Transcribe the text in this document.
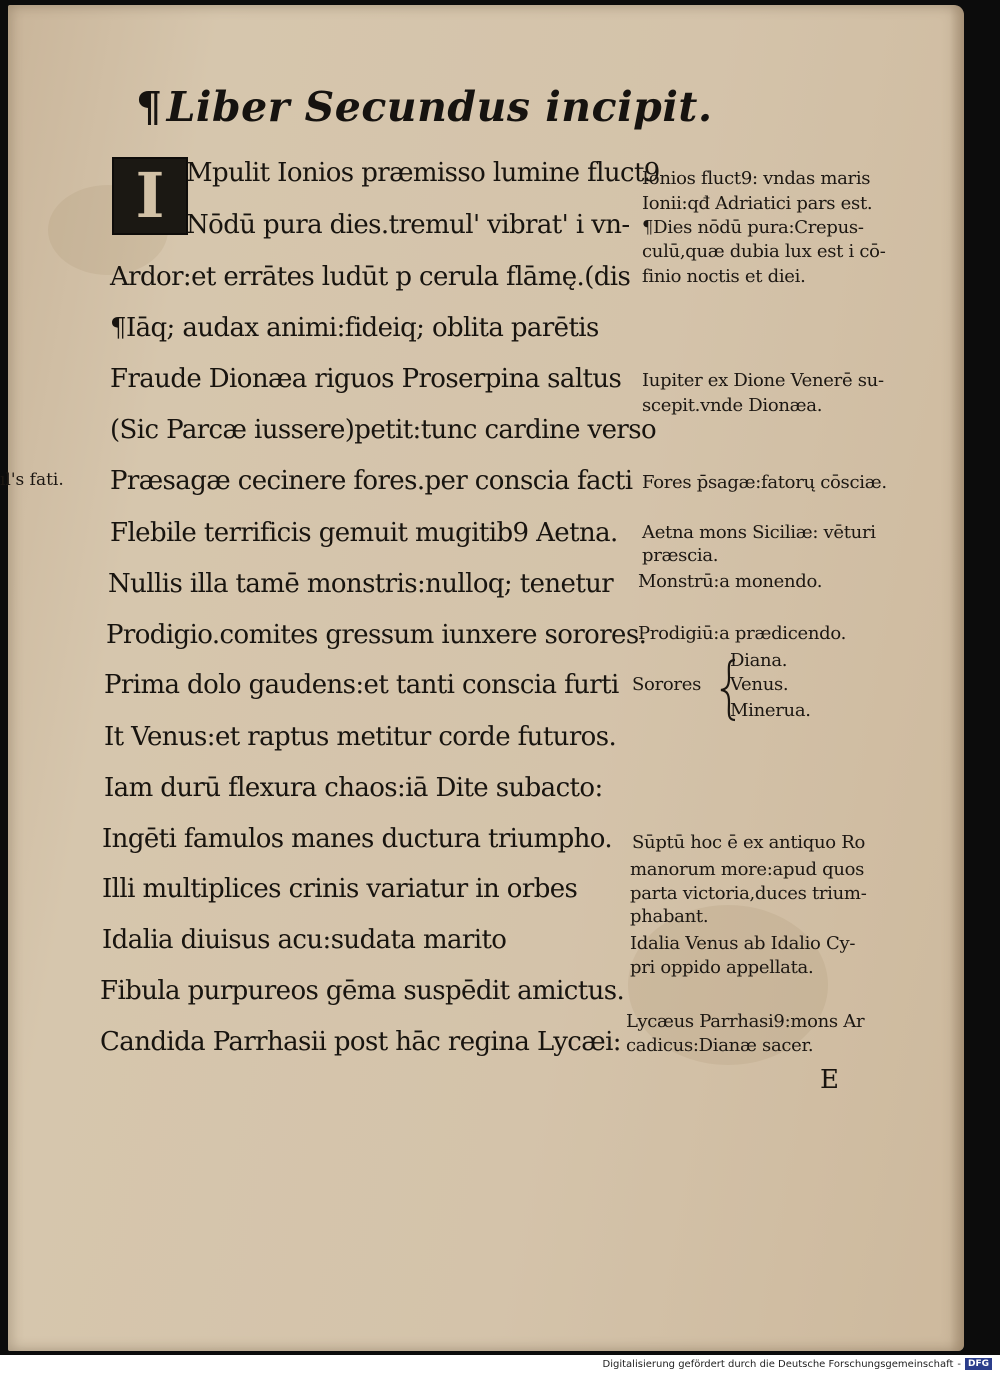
¶Liber Secundus incipit.
I Mpulit Ionios præmisso lumine fluct9
Nōdū pura dies.tremul' vibrat' i vn-
Ardor:et errātes ludūt p cerula flāmę.(dis
¶Iāq; audax animi:fideiq; oblita parētis
Fraude Dionæa riguos Proserpina saltus
(Sic Parcæ iussere)petit:tunc cardine verso
Præsagæ cecinere fores.per conscia facti
Flebile terrificis gemuit mugitib9 Aetna.
Nullis illa tamē monstris:nulloq; tenetur
Prodigio.comites gressum iunxere sorores.
Prima dolo gaudens:et tanti conscia furti
It Venus:et raptus metitur corde futuros.
Iam durū flexura chaos:iā Dite subacto:
Ingēti famulos manes ductura triumpho.
Illi multiplices crinis variatur in orbes
Idalia diuisus acu:sudata marito
Fibula purpureos gēma suspēdit amictus.
Candida Parrhasii post hāc regina Lycæi:
Ionios fluct9: vndas maris
Ionii:qđ Adriatici pars est.
¶Dies nōdū pura:Crepus-
culū,quæ dubia lux est i cō-
finio noctis et diei.
Iupiter ex Dione Venerē su-
scepit.vnde Dionæa.
Fores p̄sagæ:fatorų cōsciæ.
Aetna mons Siciliæ: vēturi
præscia.
Monstrū:a monendo.
Prodigiū:a prædicendo.
Diana.
Sorores Venus.
Minerua.
Sūptū hoc ē ex antiquo Ro
manorum more:apud quos
parta victoria,duces trium-
phabant.
Idalia Venus ab Idalio Cy-
pri oppido appellata.
Lycæus Parrhasi9:mons Ar
cadicus:Dianæ sacer.
E
ıl's fati.
Digitalisierung gefördert durch die Deutsche Forschungsgemeinschaft - DFG
